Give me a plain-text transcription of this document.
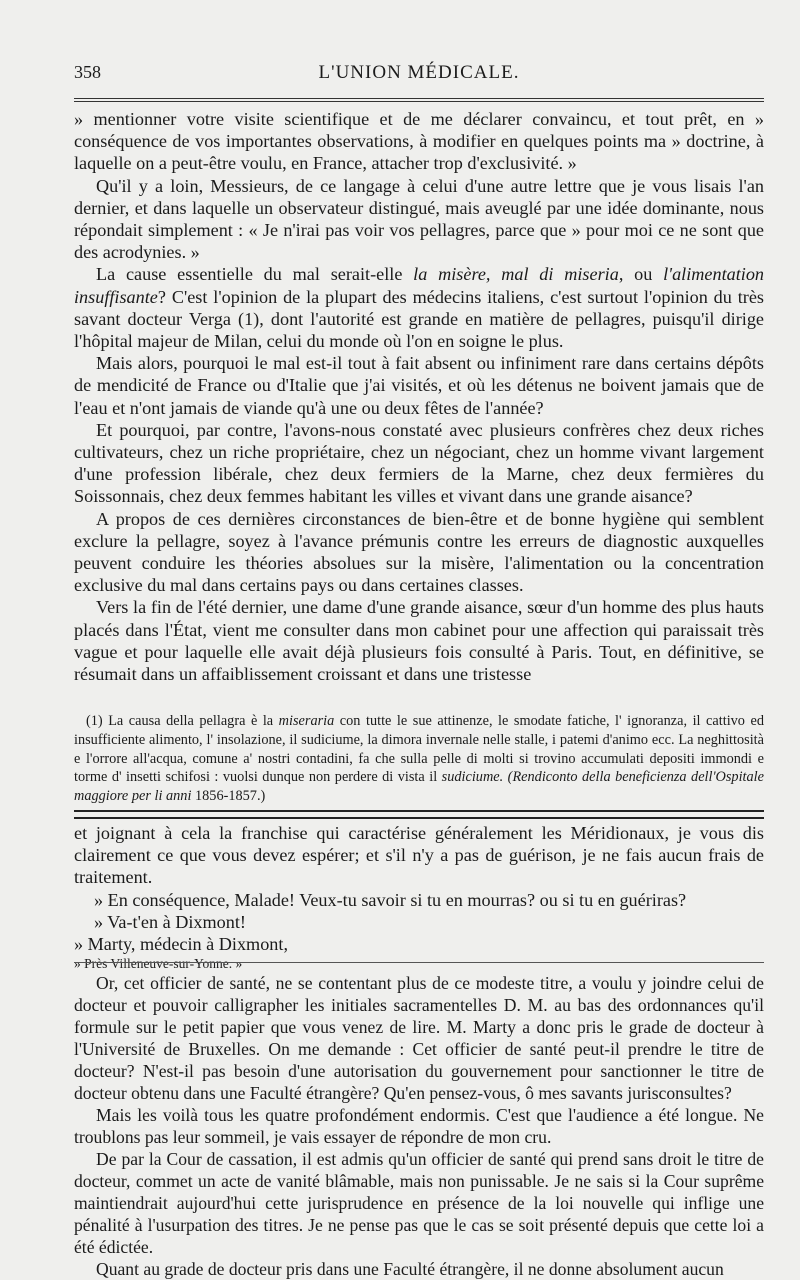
358	L'UNION MÉDICALE.

» mentionner votre visite scientifique et de me déclarer convaincu, et tout prêt, en » conséquence de vos importantes observations, à modifier en quelques points ma » doctrine, à laquelle on a peut-être voulu, en France, attacher trop d'exclusivité. »

Qu'il y a loin, Messieurs, de ce langage à celui d'une autre lettre que je vous lisais l'an dernier, et dans laquelle un observateur distingué, mais aveuglé par une idée dominante, nous répondait simplement : « Je n'irai pas voir vos pellagres, parce que » pour moi ce ne sont que des acrodynies. »

La cause essentielle du mal serait-elle la misère, mal di miseria, ou l'alimentation insuffisante? C'est l'opinion de la plupart des médecins italiens, c'est surtout l'opinion du très savant docteur Verga (1), dont l'autorité est grande en matière de pellagres, puisqu'il dirige l'hôpital majeur de Milan, celui du monde où l'on en soigne le plus.

Mais alors, pourquoi le mal est-il tout à fait absent ou infiniment rare dans certains dépôts de mendicité de France ou d'Italie que j'ai visités, et où les détenus ne boivent jamais que de l'eau et n'ont jamais de viande qu'à une ou deux fêtes de l'année?

Et pourquoi, par contre, l'avons-nous constaté avec plusieurs confrères chez deux riches cultivateurs, chez un riche propriétaire, chez un négociant, chez un homme vivant largement d'une profession libérale, chez deux fermiers de la Marne, chez deux fermières du Soissonnais, chez deux femmes habitant les villes et vivant dans une grande aisance?

A propos de ces dernières circonstances de bien-être et de bonne hygiène qui semblent exclure la pellagre, soyez à l'avance prémunis contre les erreurs de diagnostic auxquelles peuvent conduire les théories absolues sur la misère, l'alimentation ou la concentration exclusive du mal dans certains pays ou dans certaines classes.

Vers la fin de l'été dernier, une dame d'une grande aisance, sœur d'un homme des plus hauts placés dans l'État, vient me consulter dans mon cabinet pour une affection qui paraissait très vague et pour laquelle elle avait déjà plusieurs fois consulté à Paris. Tout, en définitive, se résumait dans un affaiblissement croissant et dans une tristesse

(1) La causa della pellagra è la miseraria con tutte le sue attinenze, le smodate fatiche, l' ignoranza, il cattivo ed insufficiente alimento, l' insolazione, il sudiciume, la dimora invernale nelle stalle, i patemi d'animo ecc. La neghittosità e l'orrore all'acqua, comune a' nostri contadini, fa che sulla pelle di molti si trovino accumulati depositi immondi e torme d' insetti schifosi : vuolsi dunque non perdere di vista il sudiciume. (Rendiconto della beneficienza dell'Ospitale maggiore per li anni 1856-1857.)

et joignant à cela la franchise qui caractérise généralement les Méridionaux, je vous dis clairement ce que vous devez espérer; et s'il n'y a pas de guérison, je ne fais aucun frais de traitement.

» En conséquence, Malade! Veux-tu savoir si tu en mourras? ou si tu en guériras?

» Va-t'en à Dixmont!

» Marty, médecin à Dixmont,

» Près Villeneuve-sur-Yonne. »

Or, cet officier de santé, ne se contentant plus de ce modeste titre, a voulu y joindre celui de docteur et pouvoir calligrapher les initiales sacramentelles D. M. au bas des ordonnances qu'il formule sur le petit papier que vous venez de lire. M. Marty a donc pris le grade de docteur à l'Université de Bruxelles. On me demande : Cet officier de santé peut-il prendre le titre de docteur? N'est-il pas besoin d'une autorisation du gouvernement pour sanctionner le titre de docteur obtenu dans une Faculté étrangère? Qu'en pensez-vous, ô mes savants jurisconsultes?

Mais les voilà tous les quatre profondément endormis. C'est que l'audience a été longue. Ne troublons pas leur sommeil, je vais essayer de répondre de mon cru.

De par la Cour de cassation, il est admis qu'un officier de santé qui prend sans droit le titre de docteur, commet un acte de vanité blâmable, mais non punissable. Je ne sais si la Cour suprême maintiendrait aujourd'hui cette jurisprudence en présence de la loi nouvelle qui inflige une pénalité à l'usurpation des titres. Je ne pense pas que le cas se soit présenté depuis que cette loi a été édictée.

Quant au grade de docteur pris dans une Faculté étrangère, il ne donne absolument aucun
